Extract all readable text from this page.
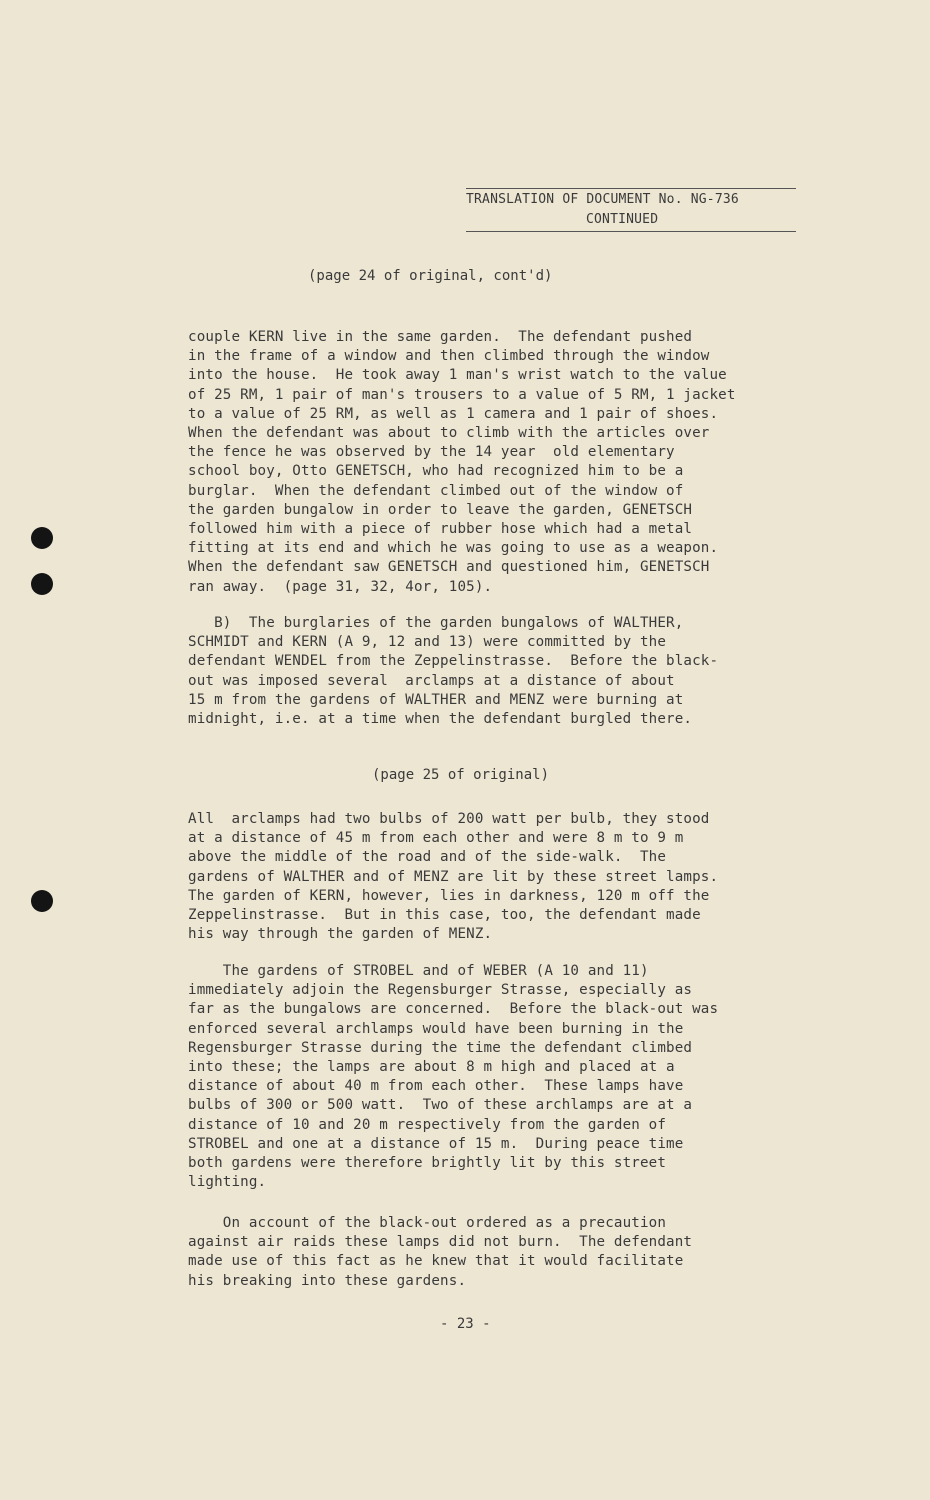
TRANSLATION OF DOCUMENT No. NG-736
CONTINUED
(page 24 of original, cont'd)
couple KERN live in the same garden.  The defendant pushed
in the frame of a window and then climbed through the window
into the house.  He took away 1 man's wrist watch to the value
of 25 RM, 1 pair of man's trousers to a value of 5 RM, 1 jacket
to a value of 25 RM, as well as 1 camera and 1 pair of shoes.
When the defendant was about to climb with the articles over
the fence he was observed by the 14 year  old elementary
school boy, Otto GENETSCH, who had recognized him to be a
burglar.  When the defendant climbed out of the window of
the garden bungalow in order to leave the garden, GENETSCH
followed him with a piece of rubber hose which had a metal
fitting at its end and which he was going to use as a weapon.
When the defendant saw GENETSCH and questioned him, GENETSCH
ran away.  (page 31, 32, 4or, 105).
B)  The burglaries of the garden bungalows of WALTHER,
SCHMIDT and KERN (A 9, 12 and 13) were committed by the
defendant WENDEL from the Zeppelinstrasse.  Before the black-
out was imposed several  arclamps at a distance of about
15 m from the gardens of WALTHER and MENZ were burning at
midnight, i.e. at a time when the defendant burgled there.
(page 25 of original)
All  arclamps had two bulbs of 200 watt per bulb, they stood
at a distance of 45 m from each other and were 8 m to 9 m
above the middle of the road and of the side-walk.  The
gardens of WALTHER and of MENZ are lit by these street lamps.
The garden of KERN, however, lies in darkness, 120 m off the
Zeppelinstrasse.  But in this case, too, the defendant made
his way through the garden of MENZ.
The gardens of STROBEL and of WEBER (A 10 and 11)
immediately adjoin the Regensburger Strasse, especially as
far as the bungalows are concerned.  Before the black-out was
enforced several archlamps would have been burning in the
Regensburger Strasse during the time the defendant climbed
into these; the lamps are about 8 m high and placed at a
distance of about 40 m from each other.  These lamps have
bulbs of 300 or 500 watt.  Two of these archlamps are at a
distance of 10 and 20 m respectively from the garden of
STROBEL and one at a distance of 15 m.  During peace time
both gardens were therefore brightly lit by this street
lighting.
On account of the black-out ordered as a precaution
against air raids these lamps did not burn.  The defendant
made use of this fact as he knew that it would facilitate
his breaking into these gardens.
- 23 -
